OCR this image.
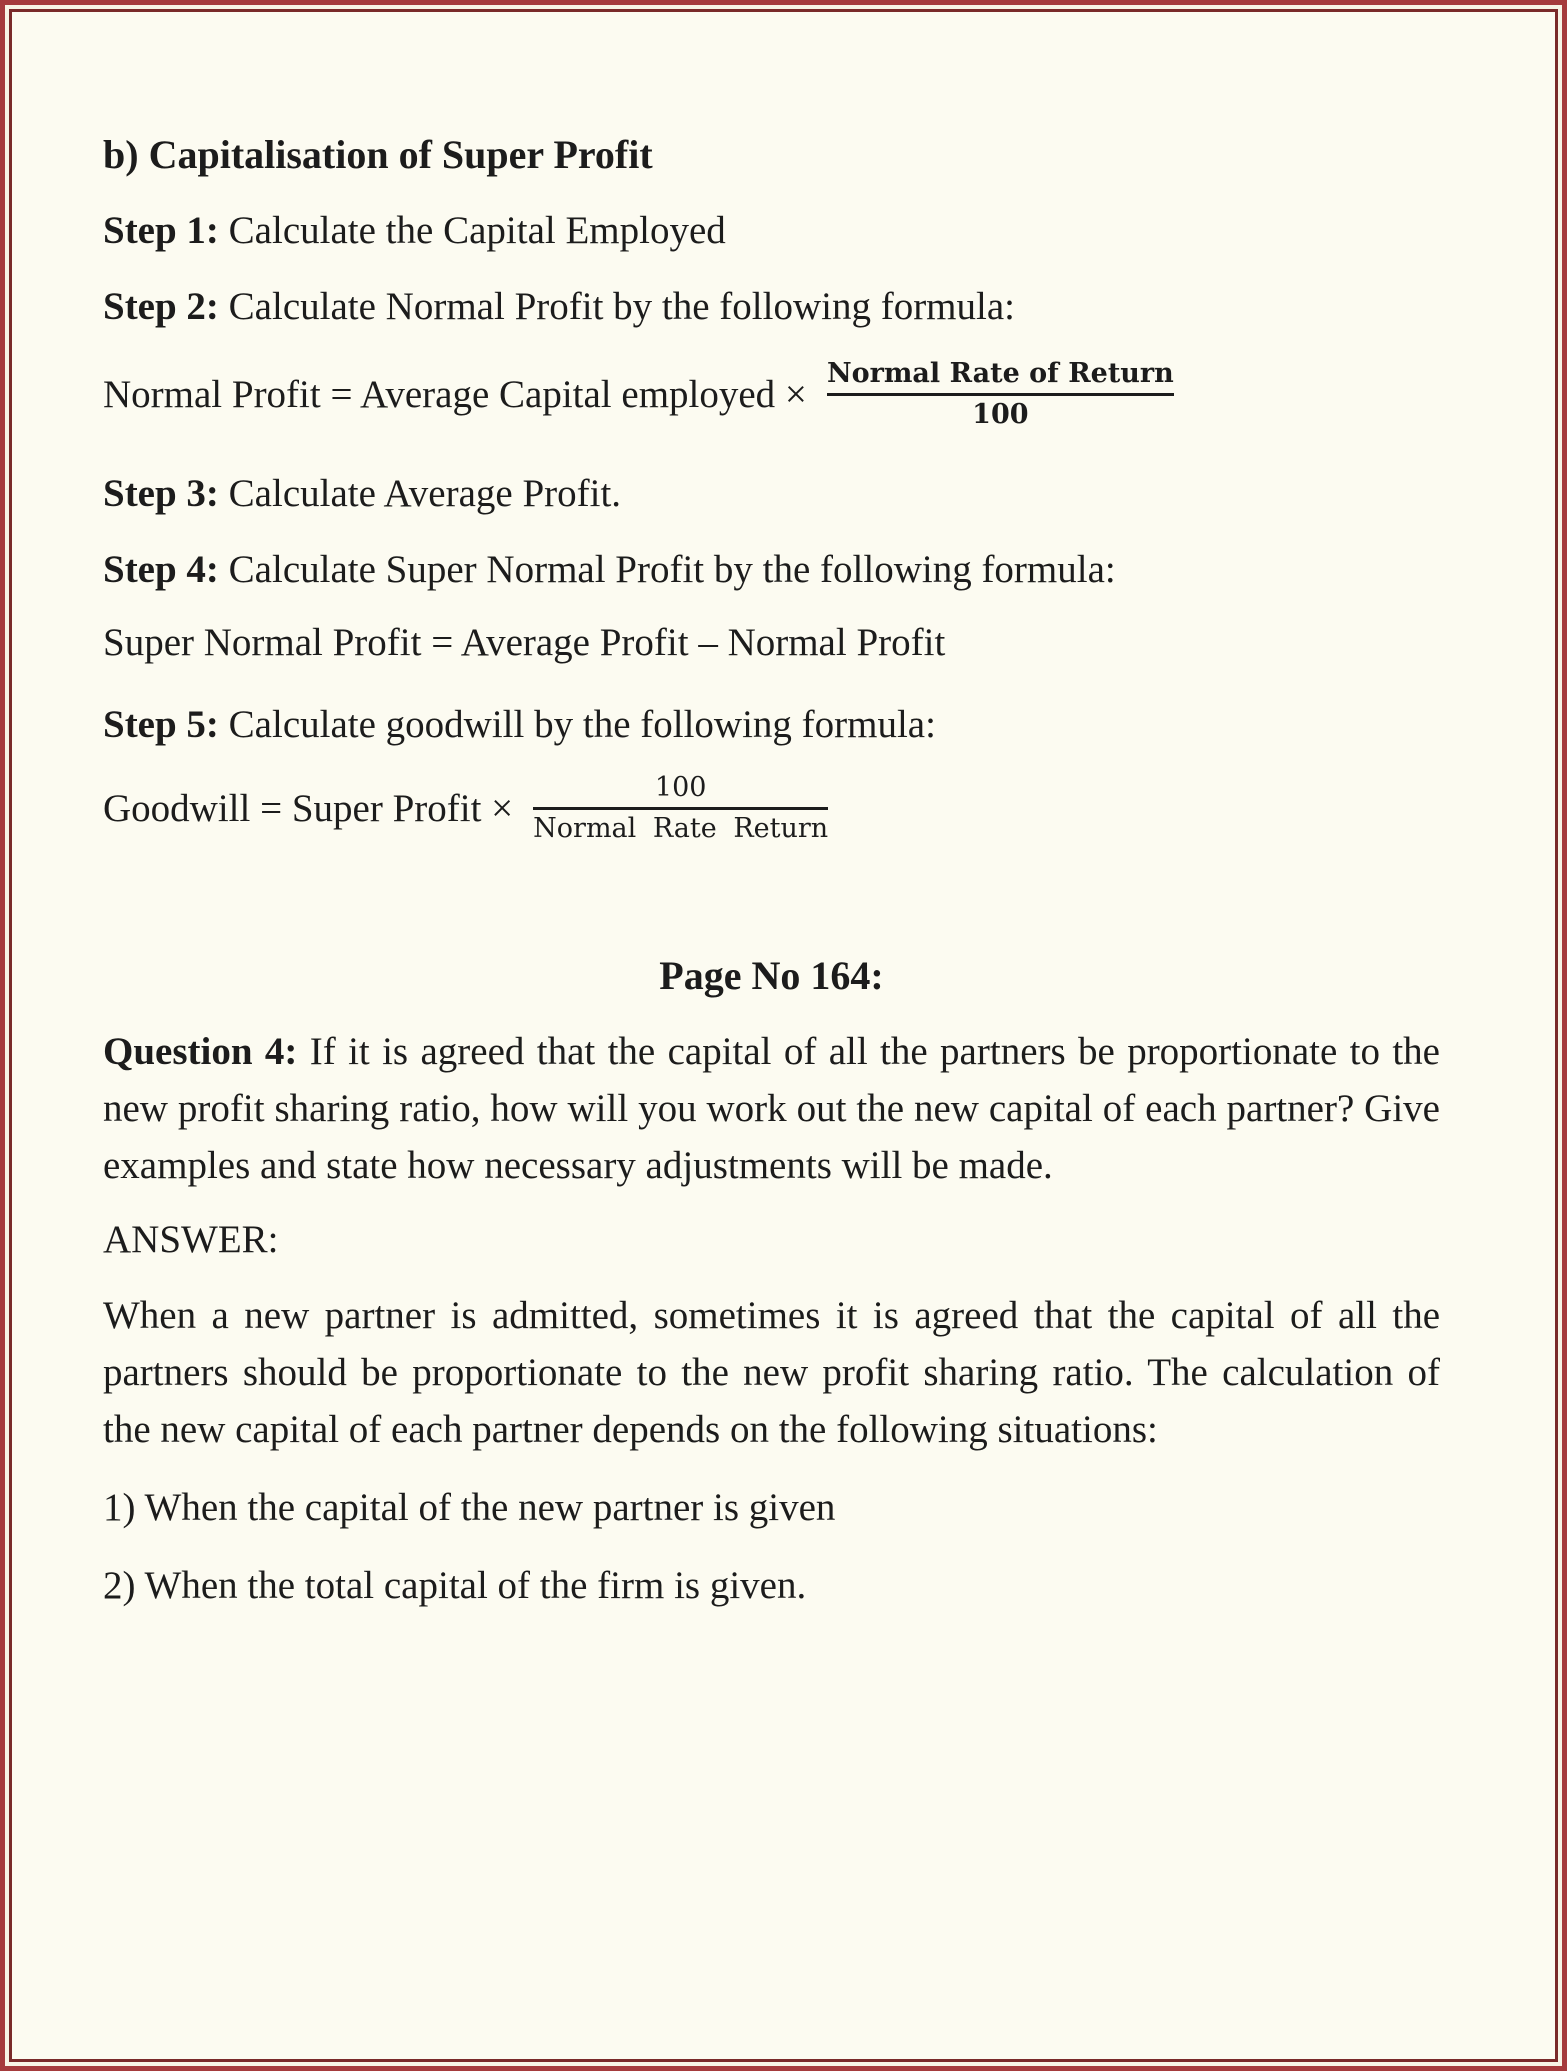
b) Capitalisation of Super Profit

Step 1: Calculate the Capital Employed

Step 2: Calculate Normal Profit by the following formula:

Normal Profit = Average Capital employed × $\frac{\text{Normal Rate of Return}}{100}$

Step 3: Calculate Average Profit.

Step 4: Calculate Super Normal Profit by the following formula:

Super Normal Profit = Average Profit – Normal Profit

Step 5: Calculate goodwill by the following formula:

Goodwill = Super Profit × $\frac{100}{\text{Normal Rate Return}}$

Page No 164:

Question 4: If it is agreed that the capital of all the partners be proportionate to the new profit sharing ratio, how will you work out the new capital of each partner? Give examples and state how necessary adjustments will be made.

ANSWER:

When a new partner is admitted, sometimes it is agreed that the capital of all the partners should be proportionate to the new profit sharing ratio. The calculation of the new capital of each partner depends on the following situations:

1) When the capital of the new partner is given

2) When the total capital of the firm is given.
